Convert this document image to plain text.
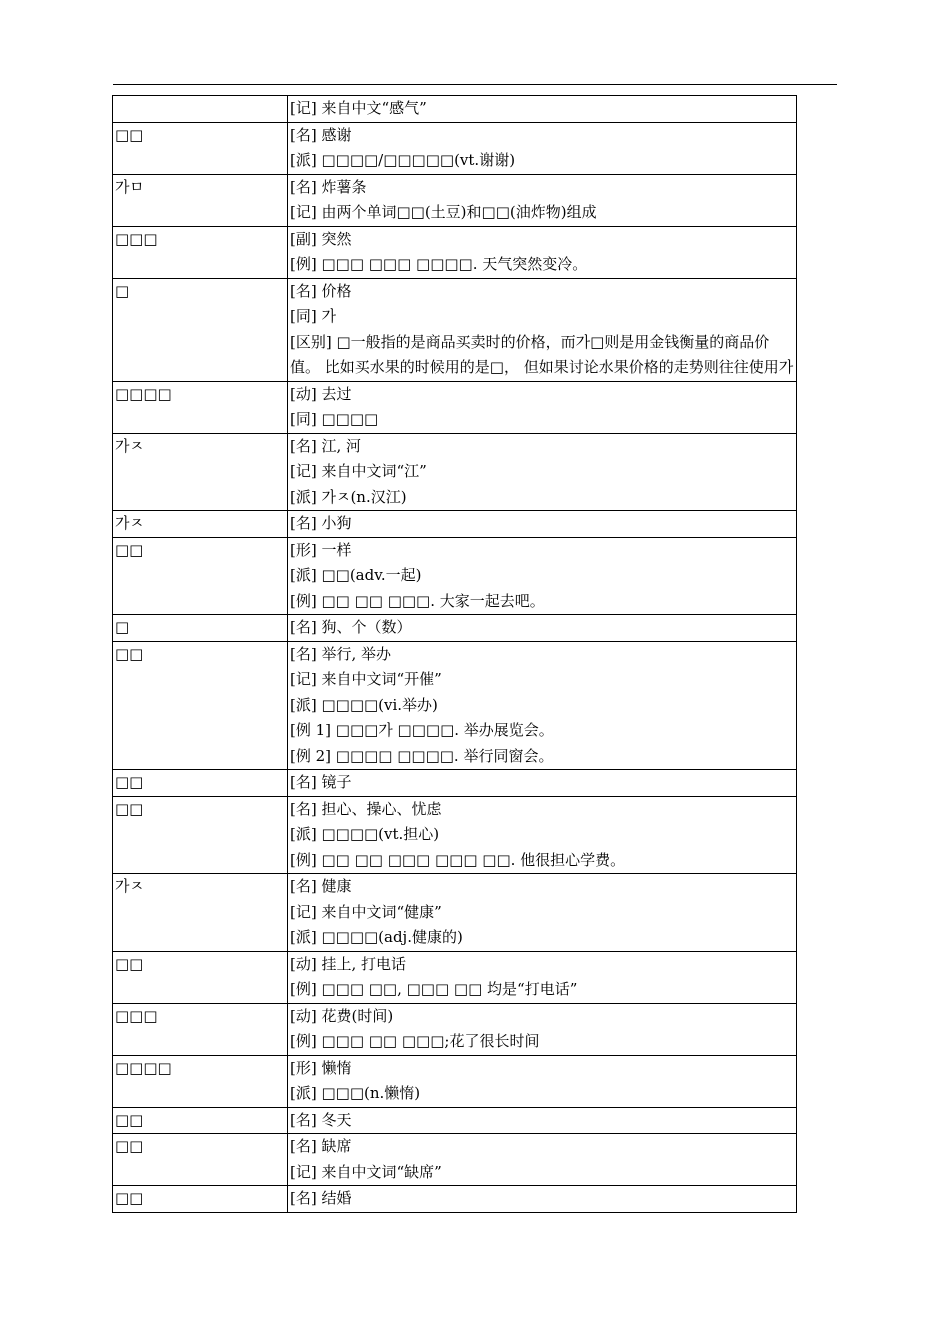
	[记] 来自中文“感气”

□□	[名] 感谢
[派] □□□□/□□□□□(vt.谢谢)

가ㅁ	[名] 炸薯条
[记] 由两个单词□□(土豆)和□□(油炸物)组成

□□□	[副] 突然
[例] □□□ □□□ □□□□. 天气突然变冷。

□	[名] 价格
[同] 가
[区别] □一般指的是商品买卖时的价格，而가□则是用金钱衡量的商品价值。 比如买水果的时候用的是□， 但如果讨论水果价格的走势则往往使用가

□□□□	[动] 去过
[同] □□□□

가ㅈ	[名] 江, 河
[记] 来自中文词“江”
[派] 가ㅈ(n.汉江)

가ㅈ	[名] 小狗

□□	[形] 一样
[派] □□(adv.一起)
[例] □□ □□ □□□. 大家一起去吧。

□	[名] 狗、个（数）

□□	[名] 举行, 举办
[记] 来自中文词“开催”
[派] □□□□(vi.举办)
[例 1] □□□가 □□□□. 举办展览会。
[例 2] □□□□ □□□□. 举行同窗会。

□□	[名] 镜子

□□	[名] 担心、操心、忧虑
[派] □□□□(vt.担心)
[例] □□ □□ □□□ □□□ □□. 他很担心学费。

가ㅈ	[名] 健康
[记] 来自中文词“健康”
[派] □□□□(adj.健康的)

□□	[动] 挂上, 打电话
[例] □□□ □□, □□□ □□ 均是“打电话”

□□□	[动] 花费(时间)
[例] □□□ □□ □□□;花了很长时间

□□□□	[形] 懒惰
[派] □□□(n.懒惰)

□□	[名] 冬天

□□	[名] 缺席
[记] 来自中文词“缺席”

□□	[名] 结婚
